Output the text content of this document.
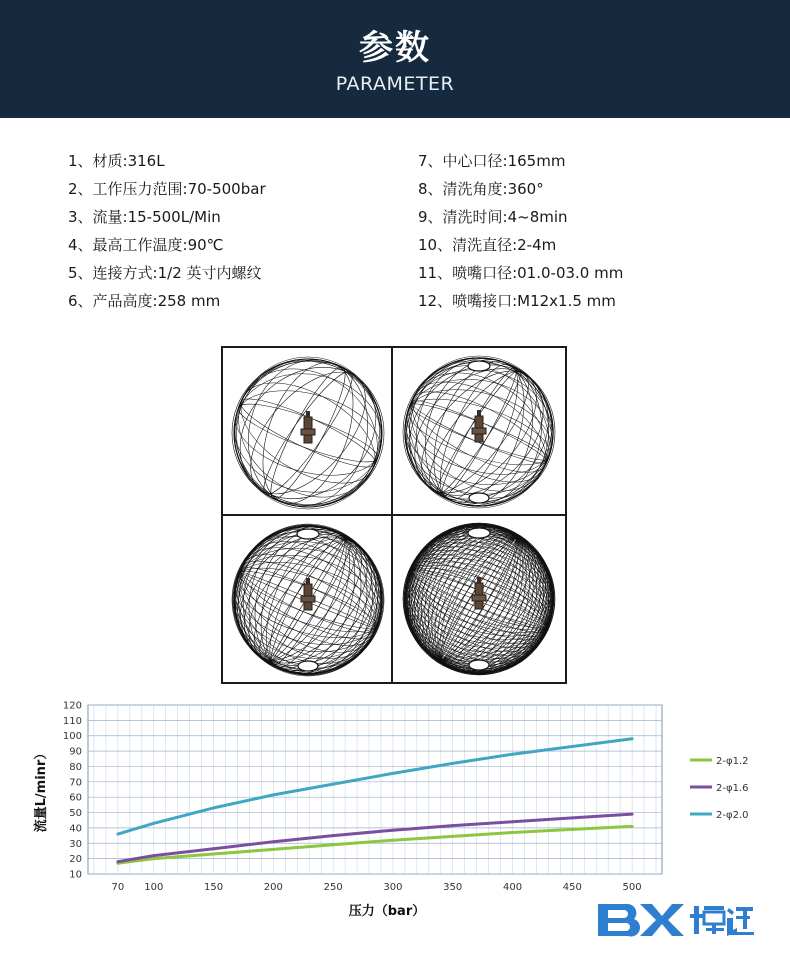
参数
PARAMETER
1、材质:316L
2、工作压力范围:70-500bar
3、流量:15-500L/Min
4、最高工作温度:90℃
5、连接方式:1/2 英寸内螺纹
6、产品高度:258 mm
7、中心口径:165mm
8、清洗角度:360°
9、清洗时间:4~8min
10、清洗直径:2-4m
11、喷嘴口径:01.0-03.0 mm
12、喷嘴接口:M12x1.5 mm
10
20
30
40
50
60
70
80
90
100
110
120
70 100	150	200	250	300	350	400	450	500
压力（bar）
流量L/minr）	2-φ1.2
2-φ1.6
2-φ2.0
